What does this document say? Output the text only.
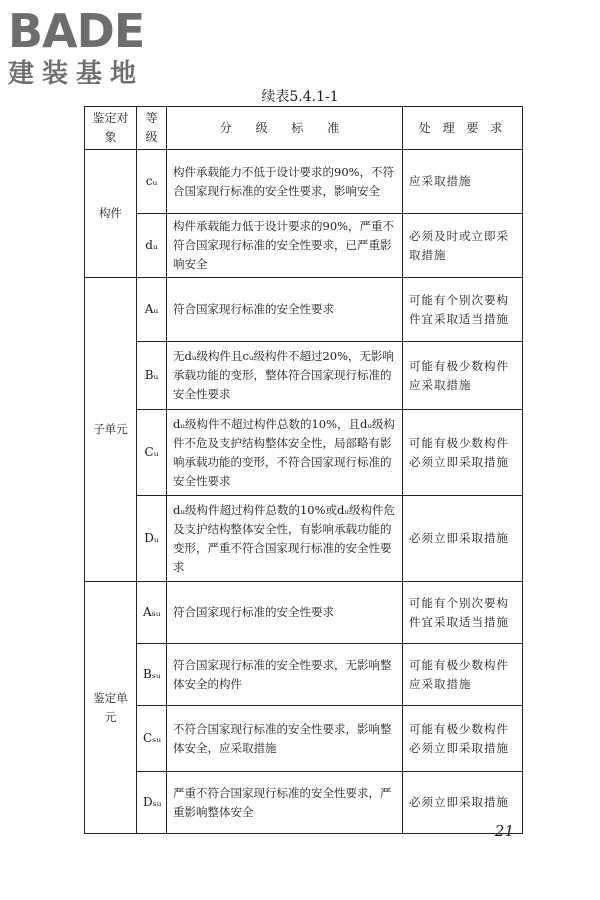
BADE
建装基地
续表5.4.1-1
鉴定对象	等级	分 级 标 准	处 理 要 求
构件	cᵤ	构件承载能力不低于设计要求的90%，不符合国家现行标准的安全性要求，影响安全	应采取措施
	dᵤ	构件承载能力低于设计要求的90%，严重不符合国家现行标准的安全性要求，已严重影响安全	必须及时或立即采取措施
子单元	Aᵤ	符合国家现行标准的安全性要求	可能有个别次要构件宜采取适当措施
	Bᵤ	无dᵤ级构件且cᵤ级构件不超过20%，无影响承载功能的变形，整体符合国家现行标准的安全性要求	可能有极少数构件应采取措施
	Cᵤ	dᵤ级构件不超过构件总数的10%，且dᵤ级构件不危及支护结构整体安全性，局部略有影响承载功能的变形，不符合国家现行标准的安全性要求	可能有极少数构件必须立即采取措施
	Dᵤ	dᵤ级构件超过构件总数的10%或dᵤ级构件危及支护结构整体安全性，有影响承载功能的变形，严重不符合国家现行标准的安全性要求	必须立即采取措施
鉴定单元	Aₛᵤ	符合国家现行标准的安全性要求	可能有个别次要构件宜采取适当措施
	Bₛᵤ	符合国家现行标准的安全性要求，无影响整体安全的构件	可能有极少数构件应采取措施
	Cₛᵤ	不符合国家现行标准的安全性要求，影响整体安全，应采取措施	可能有极少数构件必须立即采取措施
	Dₛᵤ	严重不符合国家现行标准的安全性要求，严重影响整体安全	必须立即采取措施
21
